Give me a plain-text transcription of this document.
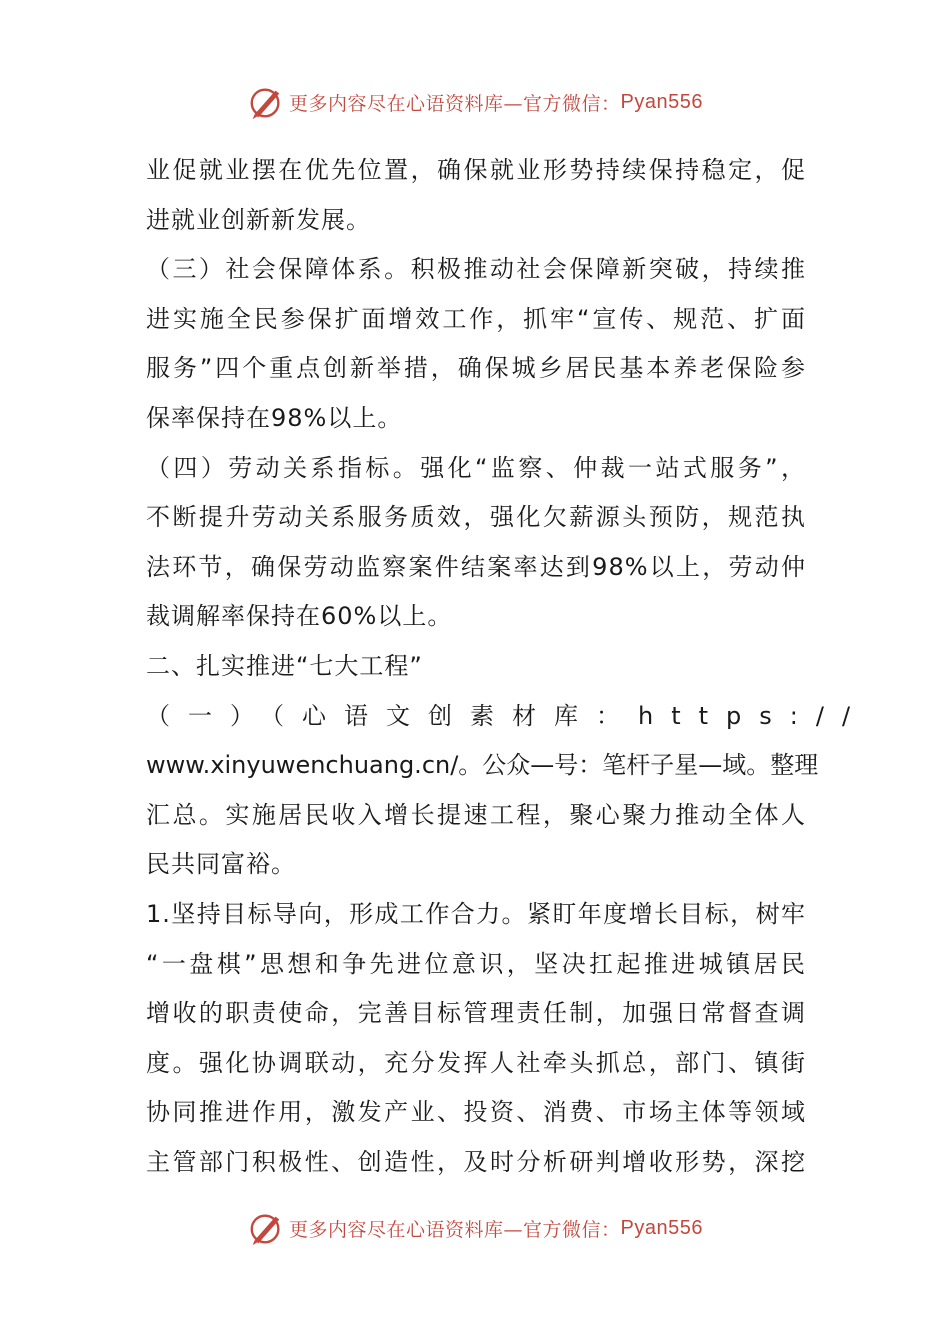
更多内容尽在心语资料库—官方微信： Pyan556
业促就业摆在优先位置，确保就业形势持续保持稳定，促
进就业创新新发展。
（三）社会保障体系。积极推动社会保障新突破，持续推
进实施全民参保扩面增效工作，抓牢“宣传、规范、扩面
服务”四个重点创新举措，确保城乡居民基本养老保险参
保率保持在98%以上。
（四）劳动关系指标。强化“监察、仲裁一站式服务”，
不断提升劳动关系服务质效，强化欠薪源头预防，规范执
法环节，确保劳动监察案件结案率达到98%以上，劳动仲
裁调解率保持在60%以上。
二、扎实推进“七大工程”
（一）（心语文创素材库：https://
www.xinyuwenchuang.cn/。公众—号：笔杆子星—域。整理
汇总。实施居民收入增长提速工程，聚心聚力推动全体人
民共同富裕。
1.坚持目标导向，形成工作合力。紧盯年度增长目标，树牢
“一盘棋”思想和争先进位意识，坚决扛起推进城镇居民
增收的职责使命，完善目标管理责任制，加强日常督查调
度。强化协调联动，充分发挥人社牵头抓总，部门、镇街
协同推进作用，激发产业、投资、消费、市场主体等领域
主管部门积极性、创造性，及时分析研判增收形势，深挖
更多内容尽在心语资料库—官方微信： Pyan556
